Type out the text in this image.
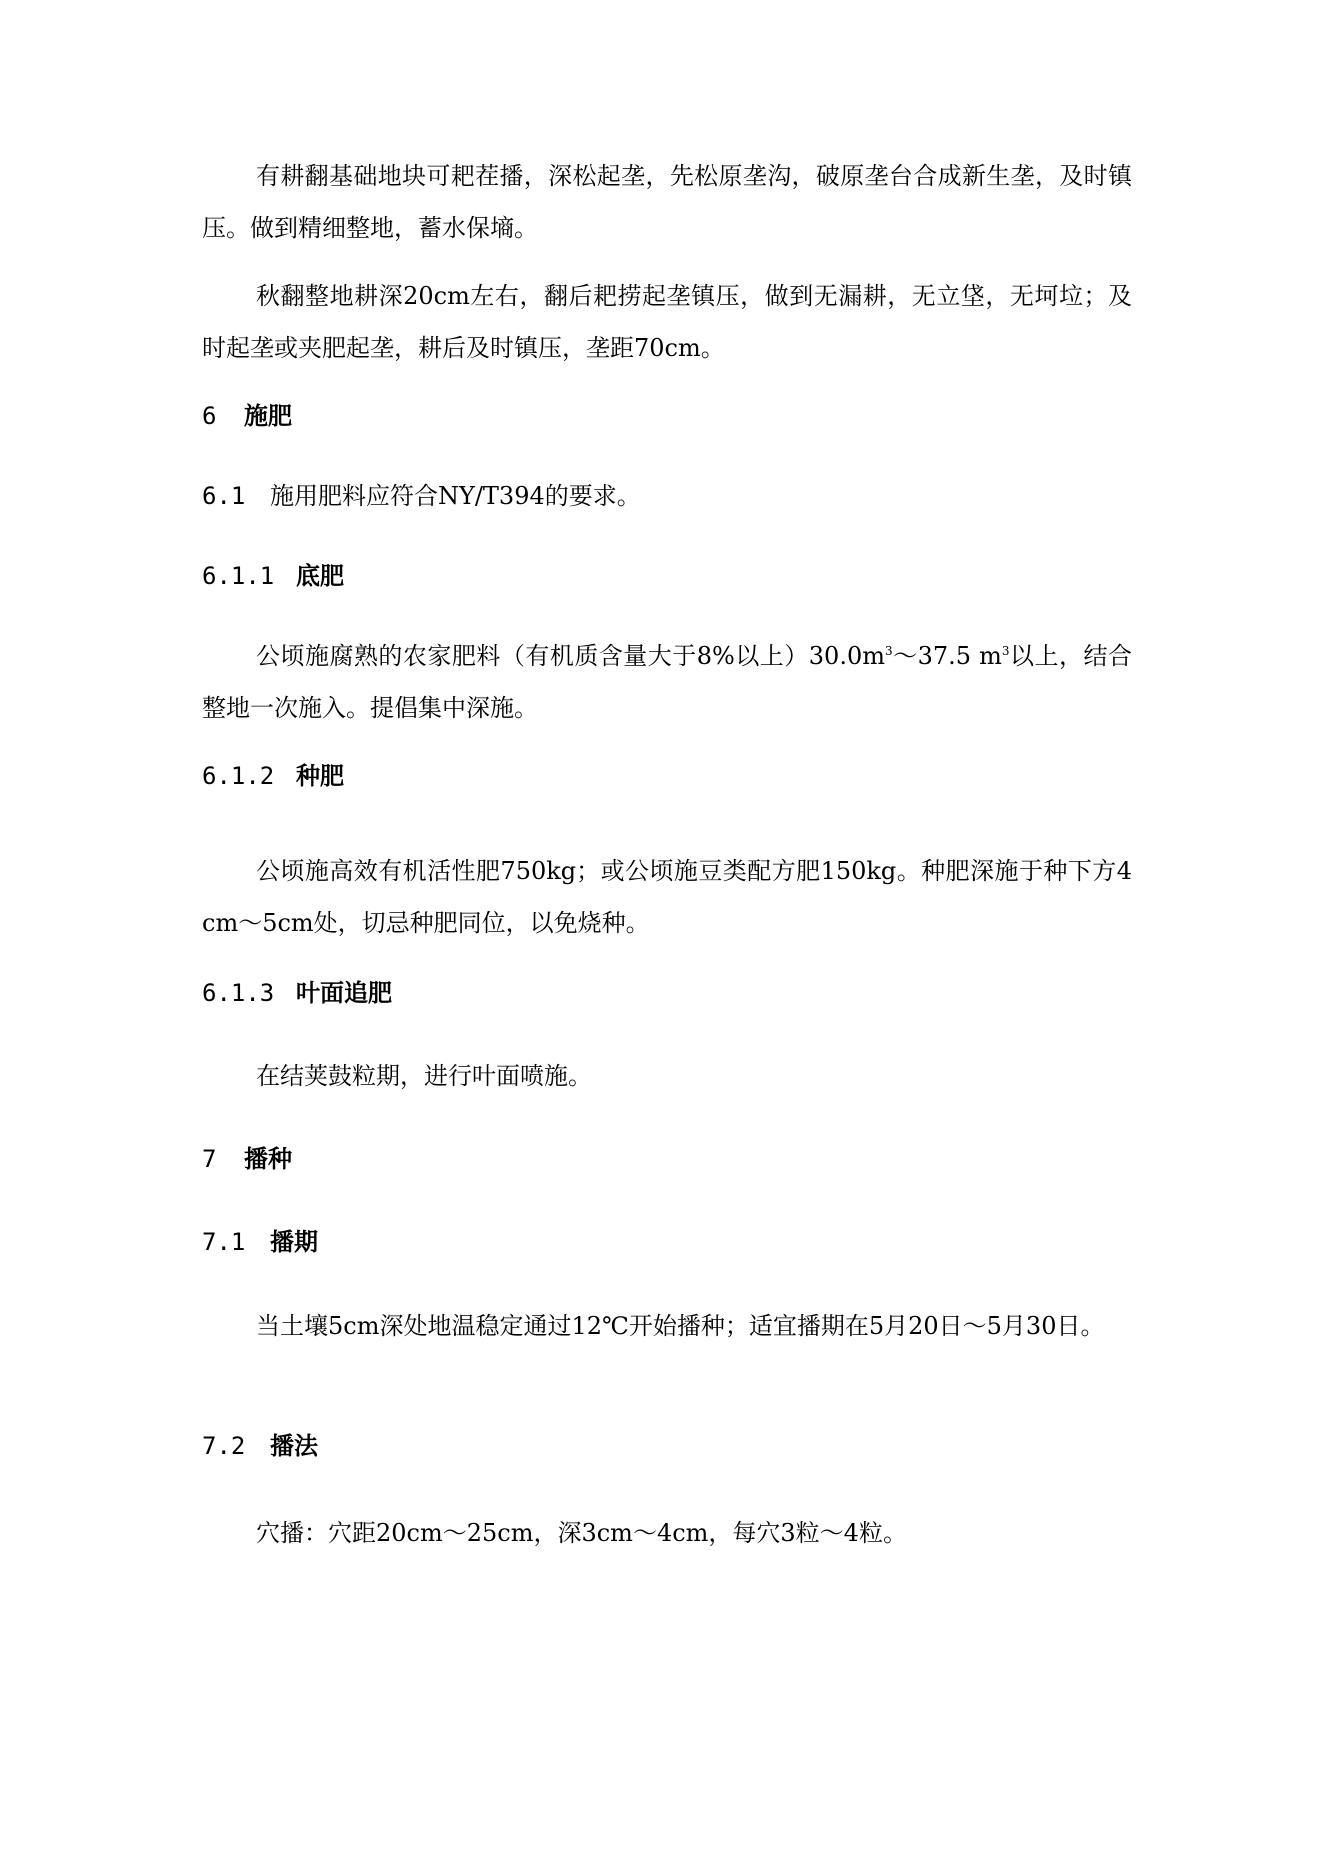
有耕翻基础地块可耙茬播，深松起垄，先松原垄沟，破原垄台合成新生垄，及时镇压。做到精细整地，蓄水保墒。

秋翻整地耕深20cm左右，翻后耙捞起垄镇压，做到无漏耕，无立垡，无坷垃；及时起垄或夹肥起垄，耕后及时镇压，垄距70cm。

6 施肥

6.1 施用肥料应符合NY/T394的要求。

6.1.1 底肥

公顷施腐熟的农家肥料（有机质含量大于8%以上）$30.0m^3\sim 37.5$ $m^3$以上，结合整地一次施入。提倡集中深施。

6.1.2 种肥

公顷施高效有机活性肥750kg；或公顷施豆类配方肥150kg。种肥深施于种下方4cm～5cm处，切忌种肥同位，以免烧种。

6.1.3 叶面追肥

在结荚鼓粒期，进行叶面喷施。

7 播种
7.1 播期

当土壤5cm深处地温稳定通过12℃开始播种；适宜播期在5月20日～5月30日。

7.2 播法

穴播：穴距20cm～25cm，深3cm～4cm，每穴3粒～4粒。
